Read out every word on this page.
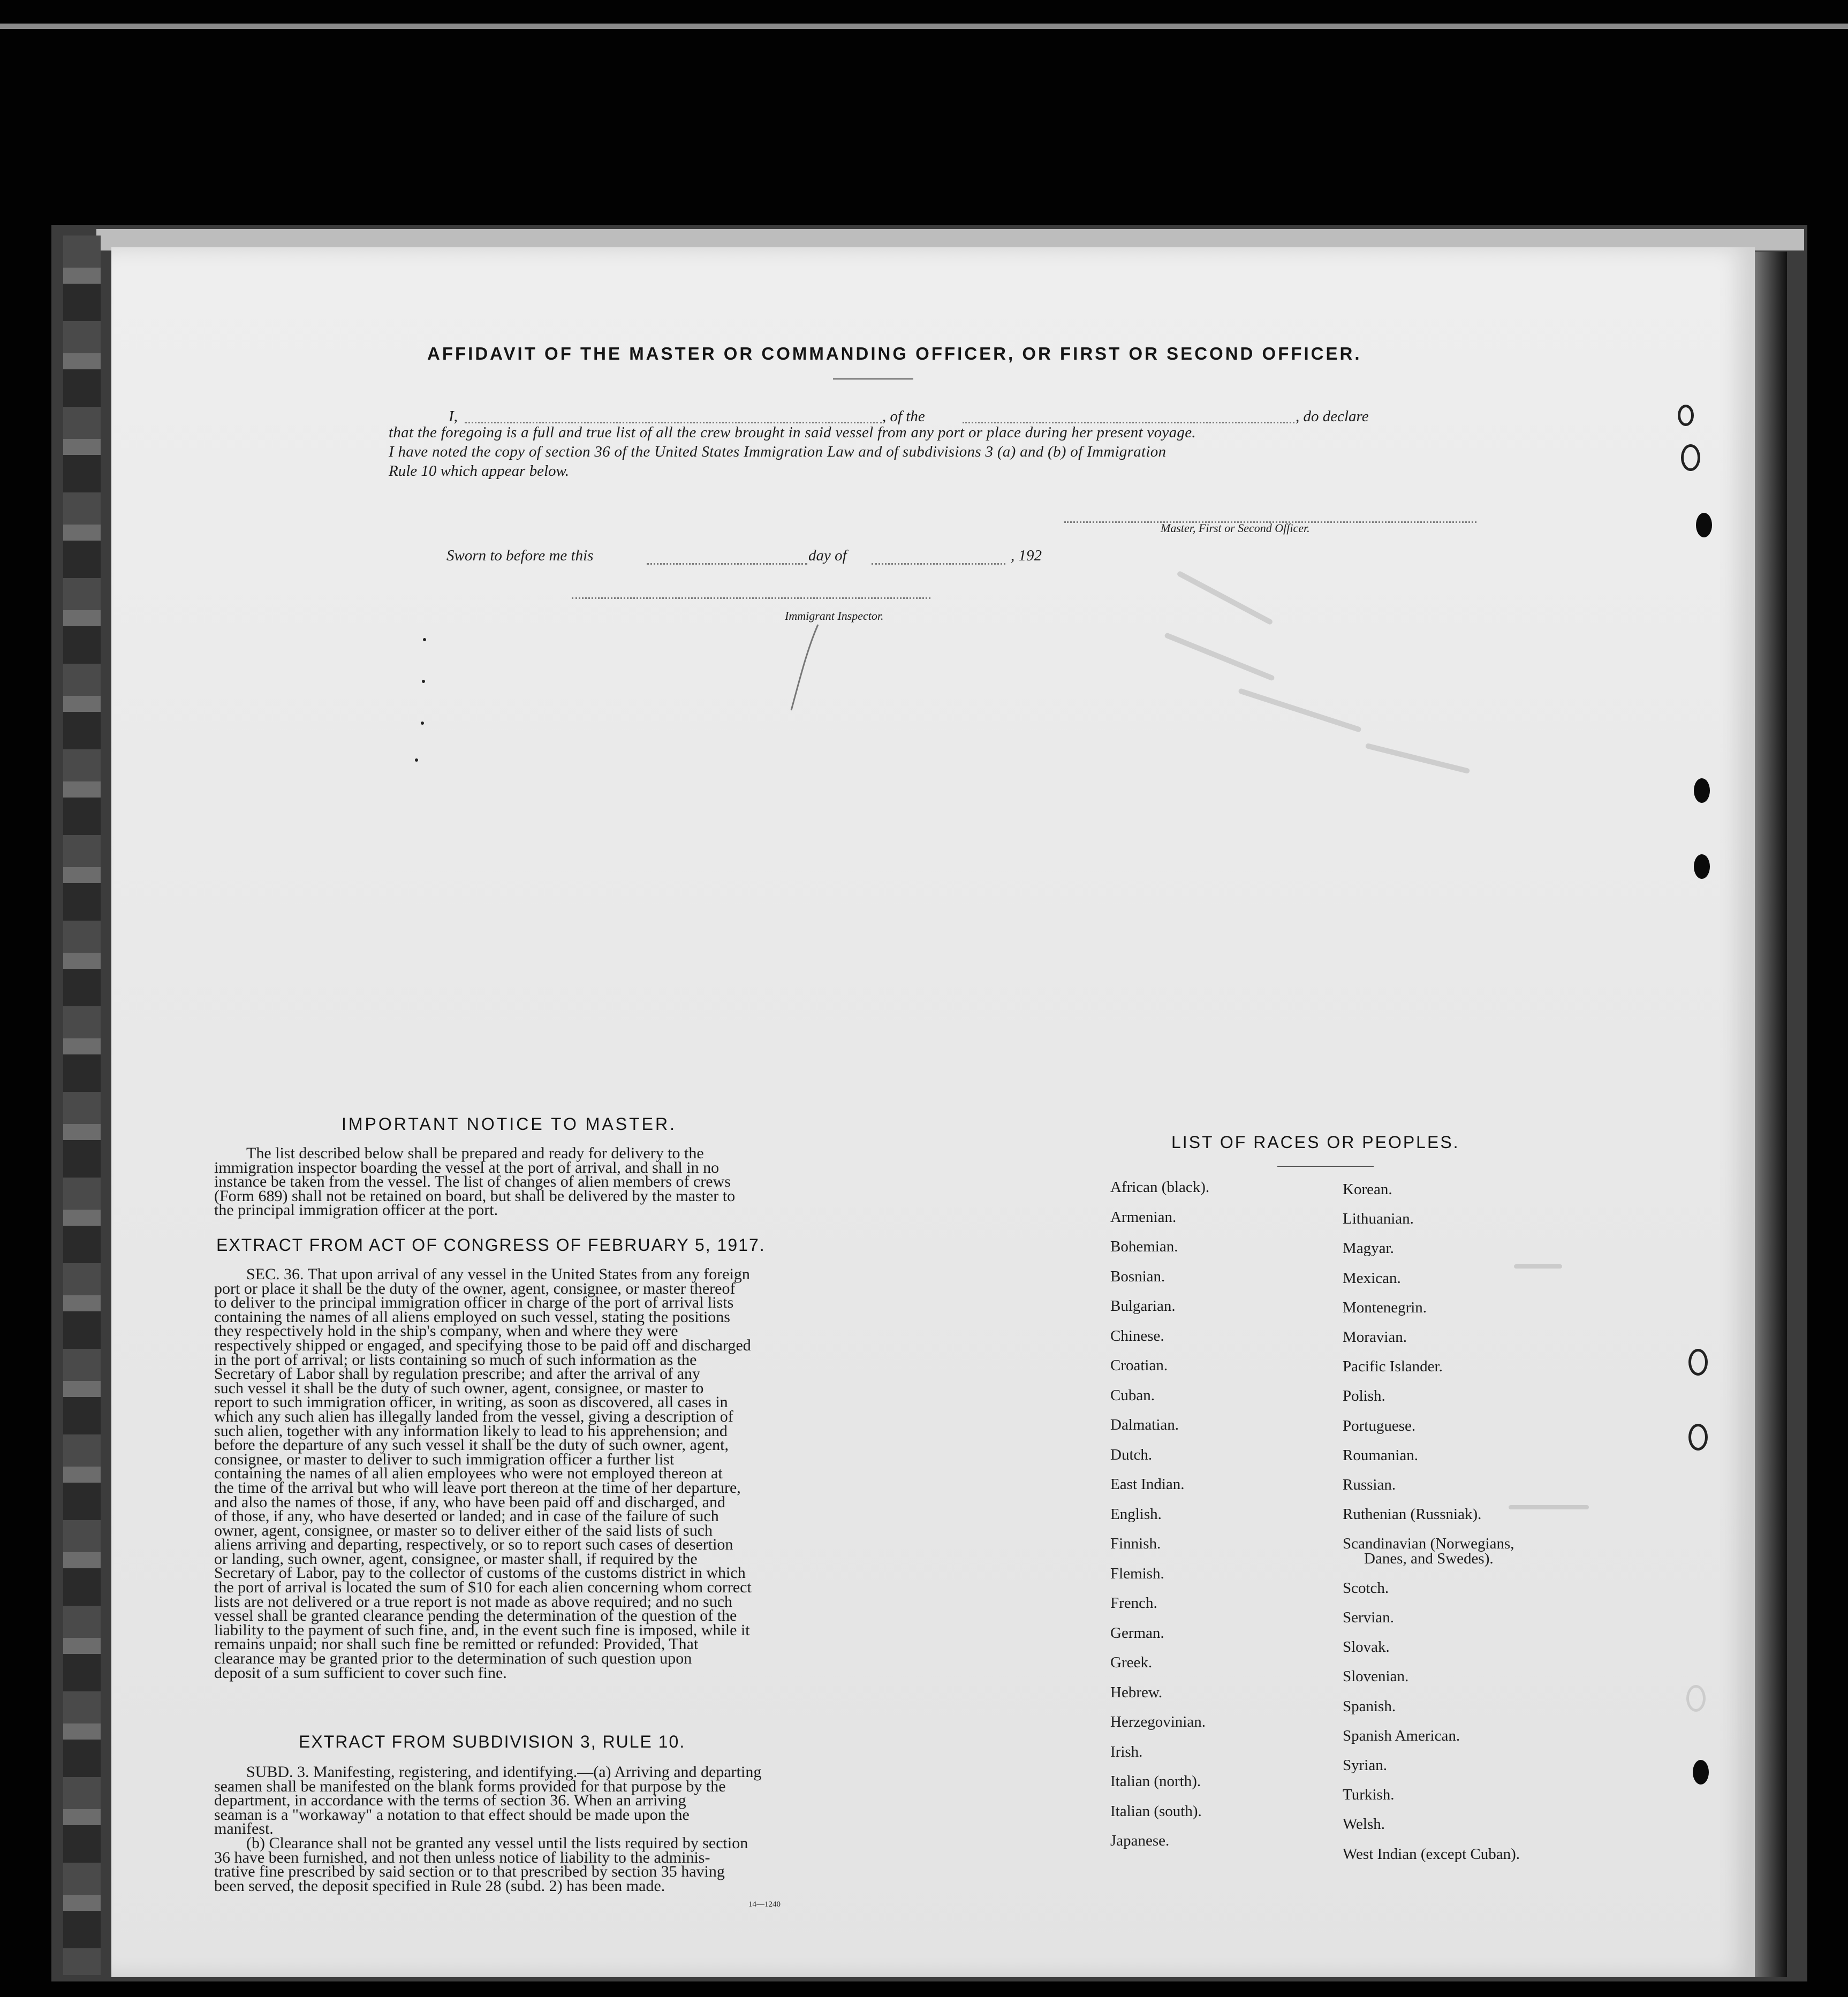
AFFIDAVIT OF THE MASTER OR COMMANDING OFFICER, OR FIRST OR SECOND OFFICER.
I,	, of the	, do declare
that the foregoing is a full and true list of all the crew brought in said vessel from any port or place during her present voyage.
I have noted the copy of section 36 of the United States Immigration Law and of subdivisions 3 (a) and (b) of Immigration
Rule 10 which appear below.
Master, First or Second Officer.
Sworn to before me this	day of	, 192
Immigrant Inspector.
IMPORTANT NOTICE TO MASTER.

The list described below shall be prepared and ready for delivery to the

immigration inspector boarding the vessel at the port of arrival, and shall in no

instance be taken from the vessel. The list of changes of alien members of crews

(Form 689) shall not be retained on board, but shall be delivered by the master to

the principal immigration officer at the port.

EXTRACT FROM ACT OF CONGRESS OF FEBRUARY 5, 1917.

SEC. 36. That upon arrival of any vessel in the United States from any foreign

port or place it shall be the duty of the owner, agent, consignee, or master thereof

to deliver to the principal immigration officer in charge of the port of arrival lists

containing the names of all aliens employed on such vessel, stating the positions

they respectively hold in the ship's company, when and where they were

respectively shipped or engaged, and specifying those to be paid off and discharged

in the port of arrival; or lists containing so much of such information as the

Secretary of Labor shall by regulation prescribe; and after the arrival of any

such vessel it shall be the duty of such owner, agent, consignee, or master to

report to such immigration officer, in writing, as soon as discovered, all cases in

which any such alien has illegally landed from the vessel, giving a description of

such alien, together with any information likely to lead to his apprehension; and

before the departure of any such vessel it shall be the duty of such owner, agent,

consignee, or master to deliver to such immigration officer a further list

containing the names of all alien employees who were not employed thereon at

the time of the arrival but who will leave port thereon at the time of her departure,

and also the names of those, if any, who have been paid off and discharged, and

of those, if any, who have deserted or landed; and in case of the failure of such

owner, agent, consignee, or master so to deliver either of the said lists of such

aliens arriving and departing, respectively, or so to report such cases of desertion

or landing, such owner, agent, consignee, or master shall, if required by the

Secretary of Labor, pay to the collector of customs of the customs district in which

the port of arrival is located the sum of $10 for each alien concerning whom correct

lists are not delivered or a true report is not made as above required; and no such

vessel shall be granted clearance pending the determination of the question of the

liability to the payment of such fine, and, in the event such fine is imposed, while it

remains unpaid; nor shall such fine be remitted or refunded: Provided, That

clearance may be granted prior to the determination of such question upon

deposit of a sum sufficient to cover such fine.

EXTRACT FROM SUBDIVISION 3, RULE 10.

SUBD. 3. Manifesting, registering, and identifying.—(a) Arriving and departing

seamen shall be manifested on the blank forms provided for that purpose by the

department, in accordance with the terms of section 36. When an arriving

seaman is a "workaway" a notation to that effect should be made upon the

manifest.

(b) Clearance shall not be granted any vessel until the lists required by section

36 have been furnished, and not then unless notice of liability to the adminis-

trative fine prescribed by said section or to that prescribed by section 35 having

been served, the deposit specified in Rule 28 (subd. 2) has been made.

14—1240
LIST OF RACES OR PEOPLES.
African (black).
Armenian.
Bohemian.
Bosnian.
Bulgarian.
Chinese.
Croatian.
Cuban.
Dalmatian.
Dutch.
East Indian.
English.
Finnish.
Flemish.
French.
German.
Greek.
Hebrew.
Herzegovinian.
Irish.
Italian (north).
Italian (south).
Japanese.
Korean.
Lithuanian.
Magyar.
Mexican.
Montenegrin.
Moravian.
Pacific Islander.
Polish.
Portuguese.
Roumanian.
Russian.
Ruthenian (Russniak).
Scandinavian (Norwegians,
Danes, and Swedes).
Scotch.
Servian.
Slovak.
Slovenian.
Spanish.
Spanish American.
Syrian.
Turkish.
Welsh.
West Indian (except Cuban).
